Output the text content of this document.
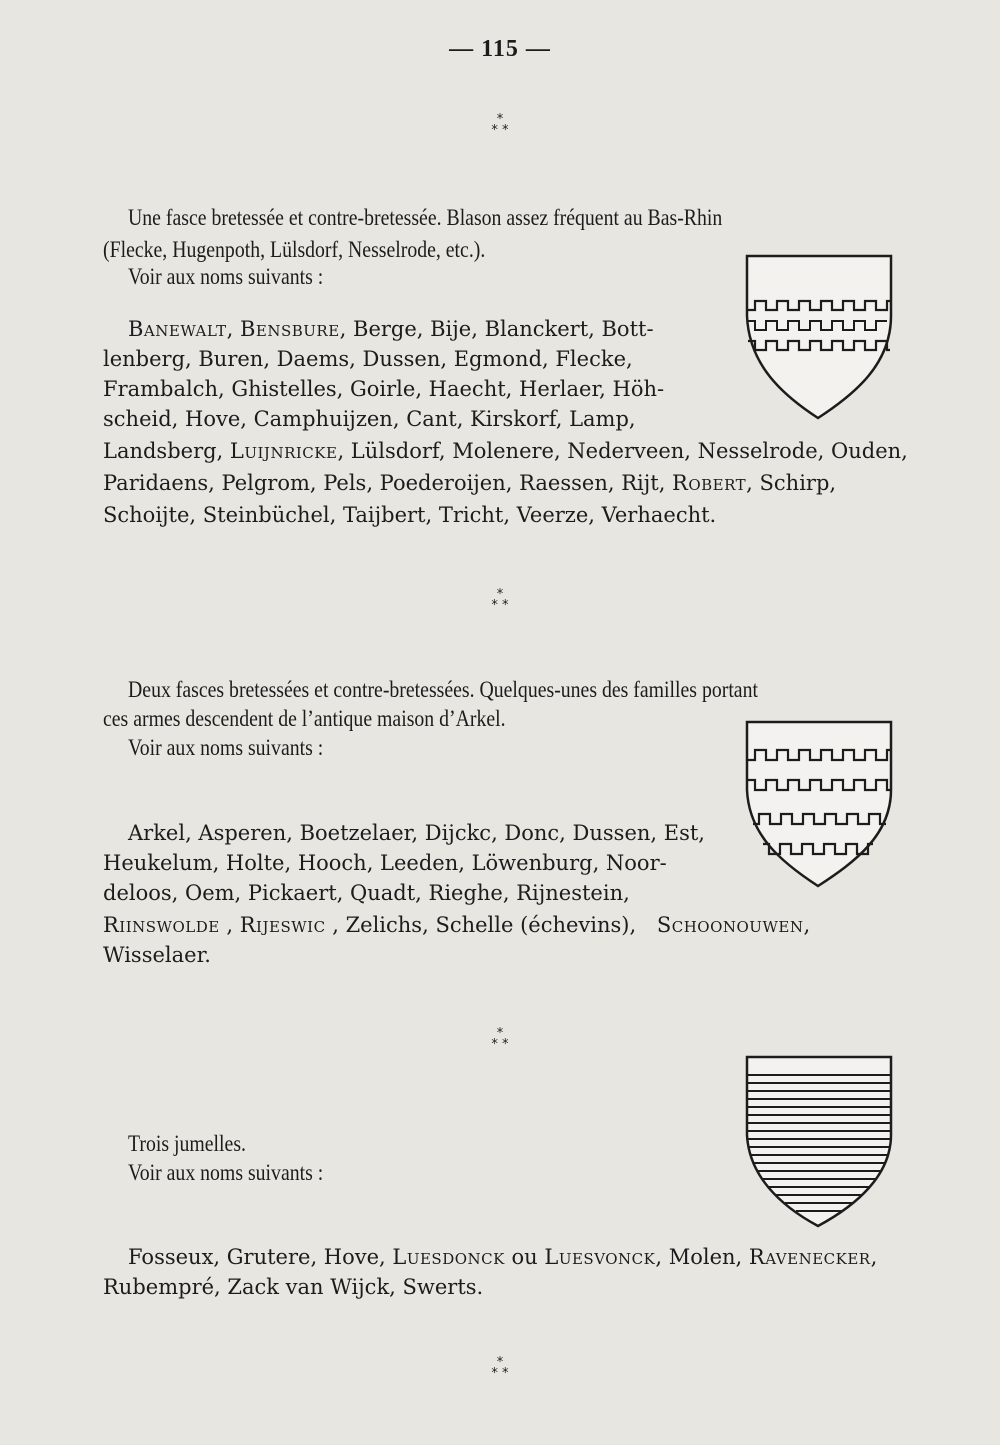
— 115 —
*
* *

Une fasce bretessée et contre-bretessée. Blason assez fréquent au Bas-Rhin

(Flecke, Hugenpoth, Lülsdorf, Nesselrode, etc.).

Voir aux noms suivants :

Banewalt, Bensbure, Berge, Bije, Blanckert, Bott-

lenberg, Buren, Daems, Dussen, Egmond, Flecke,

Frambalch, Ghistelles, Goirle, Haecht, Herlaer, Höh-

scheid, Hove, Camphuijzen, Cant, Kirskorf, Lamp,

Landsberg, Luijnricke, Lülsdorf, Molenere, Nederveen, Nesselrode, Ouden,

Paridaens, Pelgrom, Pels, Poederoijen, Raessen, Rijt, Robert, Schirp,

Schoijte, Steinbüchel, Taijbert, Tricht, Veerze, Verhaecht.

*
* *

Deux fasces bretessées et contre-bretessées. Quelques-unes des familles portant

ces armes descendent de l’antique maison d’Arkel.

Voir aux noms suivants :

Arkel, Asperen, Boetzelaer, Dijckc, Donc, Dussen, Est,

Heukelum, Holte, Hooch, Leeden, Löwenburg, Noor-

deloos, Oem, Pickaert, Quadt, Rieghe, Rijnestein,

Riinswolde , Rijeswic , Zelichs, Schelle (échevins), Schoonouwen,

Wisselaer.

*
* *

Trois jumelles.

Voir aux noms suivants :

Fosseux, Grutere, Hove, Luesdonck ou Luesvonck, Molen, Ravenecker,

Rubempré, Zack van Wijck, Swerts.

*
* *
